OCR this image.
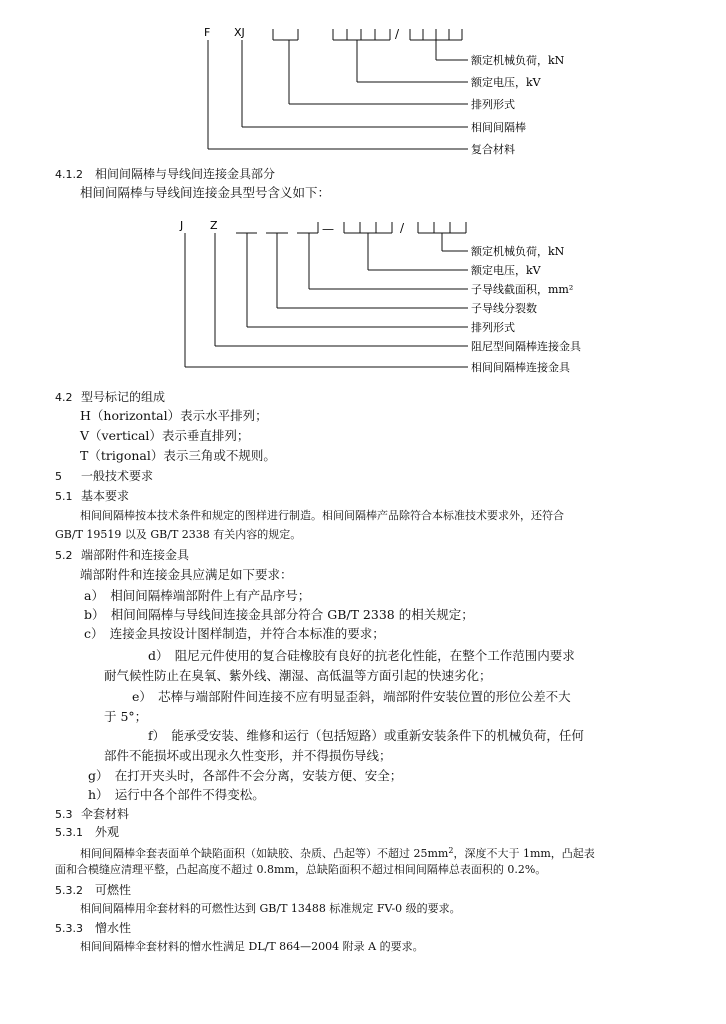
F XJ	/
额定机械负荷，kN
额定电压，kV
排列形式
相间间隔棒
复合材料
J Z	—	/
额定机械负荷，kN
额定电压，kV
子导线截面积，mm²
子导线分裂数
排列形式
阻尼型间隔棒连接金具
相间间隔棒连接金具
4.1.2 相间间隔棒与导线间连接金具部分
相间间隔棒与导线间连接金具型号含义如下：
4.2 型号标记的组成
H（horizontal）表示水平排列；
V（vertical）表示垂直排列；
T（trigonal）表示三角或不规则。
5 一般技术要求
5.1 基本要求
相间间隔棒按本技术条件和规定的图样进行制造。相间间隔棒产品除符合本标准技术要求外，还符合
GB/T 19519 以及 GB/T 2338 有关内容的规定。
5.2 端部附件和连接金具
端部附件和连接金具应满足如下要求：
a）　相间间隔棒端部附件上有产品序号；
b）　相间间隔棒与导线间连接金具部分符合 GB/T 2338 的相关规定；
c）　连接金具按设计图样制造，并符合本标准的要求；
d）　阻尼元件使用的复合硅橡胶有良好的抗老化性能，在整个工作范围内要求
耐气候性防止在臭氧、紫外线、潮湿、高低温等方面引起的快速劣化；
e）　芯棒与端部附件间连接不应有明显歪斜，端部附件安装位置的形位公差不大
于 5°；
f）　能承受安装、维修和运行（包括短路）或重新安装条件下的机械负荷，任何
部件不能损坏或出现永久性变形，并不得损伤导线；
g）　在打开夹头时，各部件不会分离，安装方便、安全；
h）　运行中各个部件不得变松。
5.3 伞套材料
5.3.1 外观
相间间隔棒伞套表面单个缺陷面积（如缺胶、杂质、凸起等）不超过 $25mm^2$，深度不大于 1mm，凸起表
面和合模缝应清理平整，凸起高度不超过 0.8mm，总缺陷面积不超过相间间隔棒总表面积的 0.2%。
5.3.2 可燃性
相间间隔棒用伞套材料的可燃性达到 GB/T 13488 标准规定 FV-0 级的要求。
5.3.3 憎水性
相间间隔棒伞套材料的憎水性满足 DL/T 864—2004 附录 A 的要求。
